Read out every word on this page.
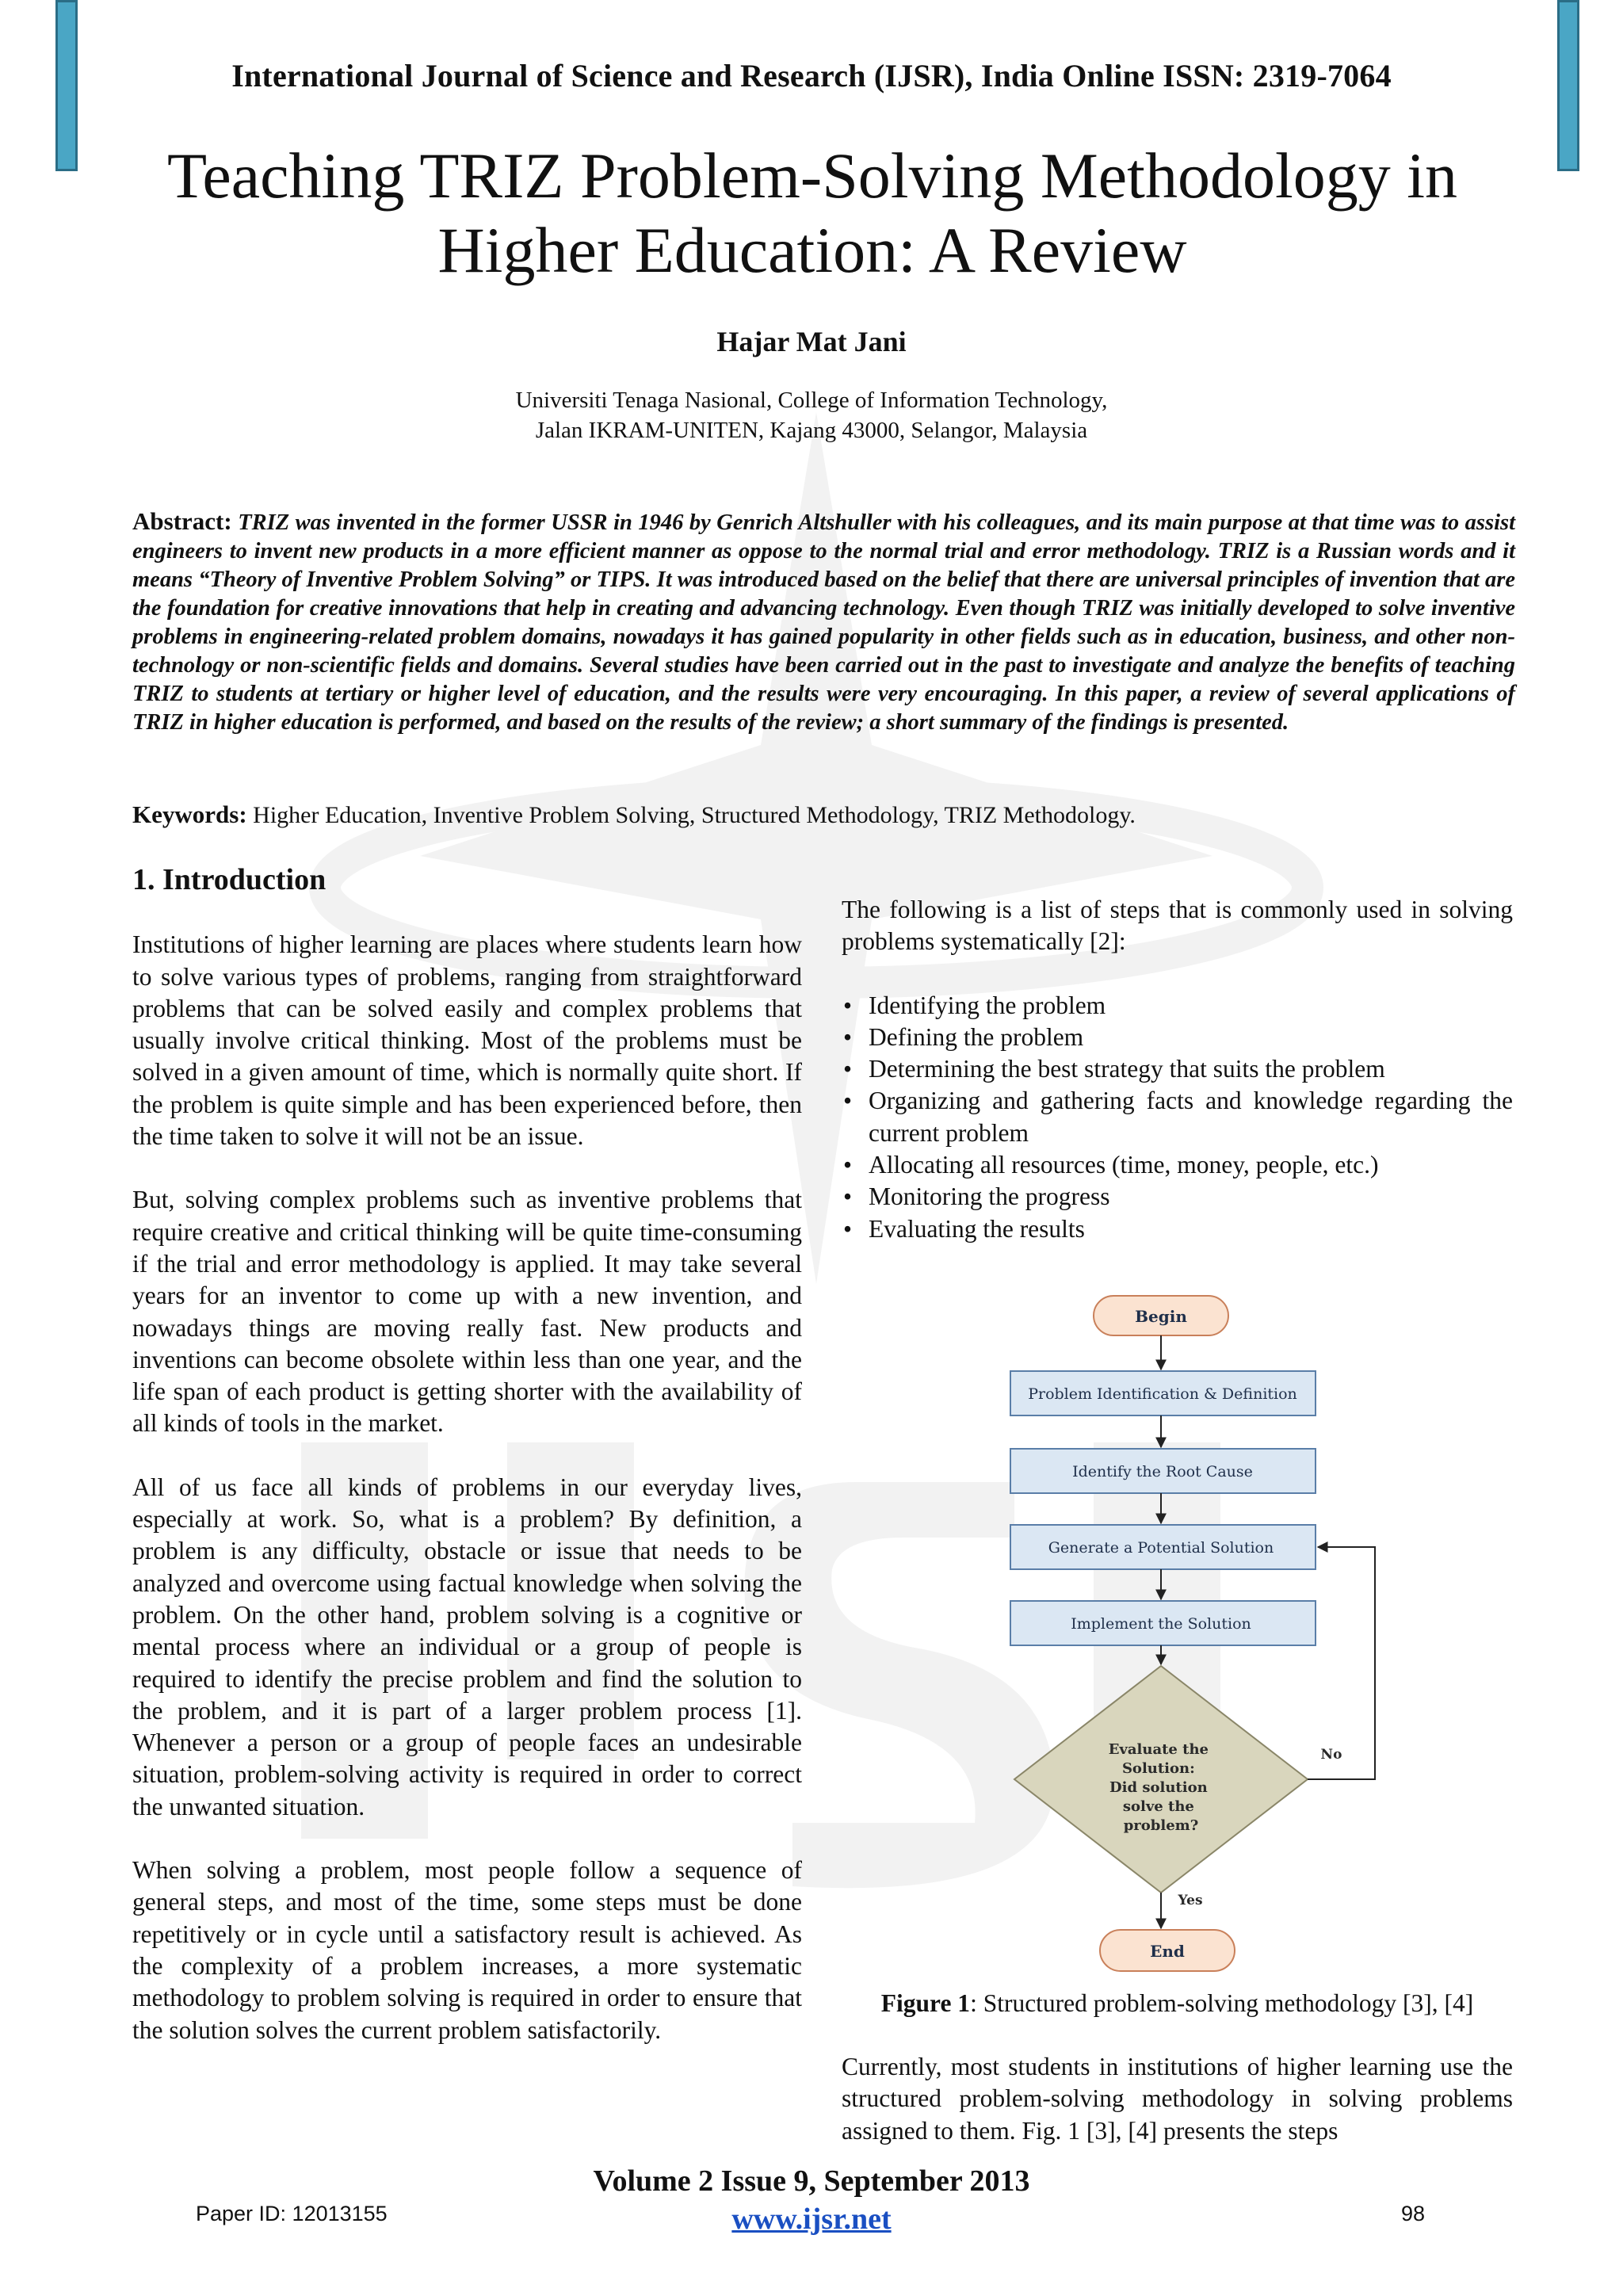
International Journal of Science and Research (IJSR), India Online ISSN: 2319-7064
Teaching TRIZ Problem-Solving Methodology in Higher Education: A Review
Hajar Mat Jani
Universiti Tenaga Nasional, College of Information Technology,
Jalan IKRAM-UNITEN, Kajang 43000, Selangor, Malaysia
Abstract: TRIZ was invented in the former USSR in 1946 by Genrich Altshuller with his colleagues, and its main purpose at that time was to assist engineers to invent new products in a more efficient manner as oppose to the normal trial and error methodology. TRIZ is a Russian words and it means “Theory of Inventive Problem Solving” or TIPS. It was introduced based on the belief that there are universal principles of invention that are the foundation for creative innovations that help in creating and advancing technology. Even though TRIZ was initially developed to solve inventive problems in engineering-related problem domains, nowadays it has gained popularity in other fields such as in education, business, and other non-technology or non-scientific fields and domains. Several studies have been carried out in the past to investigate and analyze the benefits of teaching TRIZ to students at tertiary or higher level of education, and the results were very encouraging. In this paper, a review of several applications of TRIZ in higher education is performed, and based on the results of the review; a short summary of the findings is presented.
Keywords: Higher Education, Inventive Problem Solving, Structured Methodology, TRIZ Methodology.
1. Introduction

Institutions of higher learning are places where students learn how to solve various types of problems, ranging from straightforward problems that can be solved easily and complex problems that usually involve critical thinking. Most of the problems must be solved in a given amount of time, which is normally quite short. If the problem is quite simple and has been experienced before, then the time taken to solve it will not be an issue.

But, solving complex problems such as inventive problems that require creative and critical thinking will be quite time-consuming if the trial and error methodology is applied. It may take several years for an inventor to come up with a new invention, and nowadays things are moving really fast. New products and inventions can become obsolete within less than one year, and the life span of each product is getting shorter with the availability of all kinds of tools in the market.

All of us face all kinds of problems in our everyday lives, especially at work. So, what is a problem? By definition, a problem is any difficulty, obstacle or issue that needs to be analyzed and overcome using factual knowledge when solving the problem. On the other hand, problem solving is a cognitive or mental process where an individual or a group of people is required to identify the precise problem and find the solution to the problem, and it is part of a larger problem process [1]. Whenever a person or a group of people faces an undesirable situation, problem-solving activity is required in order to correct the unwanted situation.

When solving a problem, most people follow a sequence of general steps, and most of the time, some steps must be done repetitively or in cycle until a satisfactory result is achieved. As the complexity of a problem increases, a more systematic methodology to problem solving is required in order to ensure that the solution solves the current problem satisfactorily.

The following is a list of steps that is commonly used in solving problems systematically [2]:

• Identifying the problem
• Defining the problem
• Determining the best strategy that suits the problem
• Organizing and gathering facts and knowledge regarding the current problem
• Allocating all resources (time, money, people, etc.)
• Monitoring the progress
• Evaluating the results
Begin
Problem Identification & Definition
Identify the Root Cause
Generate a Potential Solution
Implement the Solution
Evaluate the Solution: Did solution solve the problem?
No
Yes
End
Figure 1: Structured problem-solving methodology [3], [4]
Currently, most students in institutions of higher learning use the structured problem-solving methodology in solving problems assigned to them. Fig. 1 [3], [4] presents the steps
Volume 2 Issue 9, September 2013
www.ijsr.net
Paper ID: 12013155	98
